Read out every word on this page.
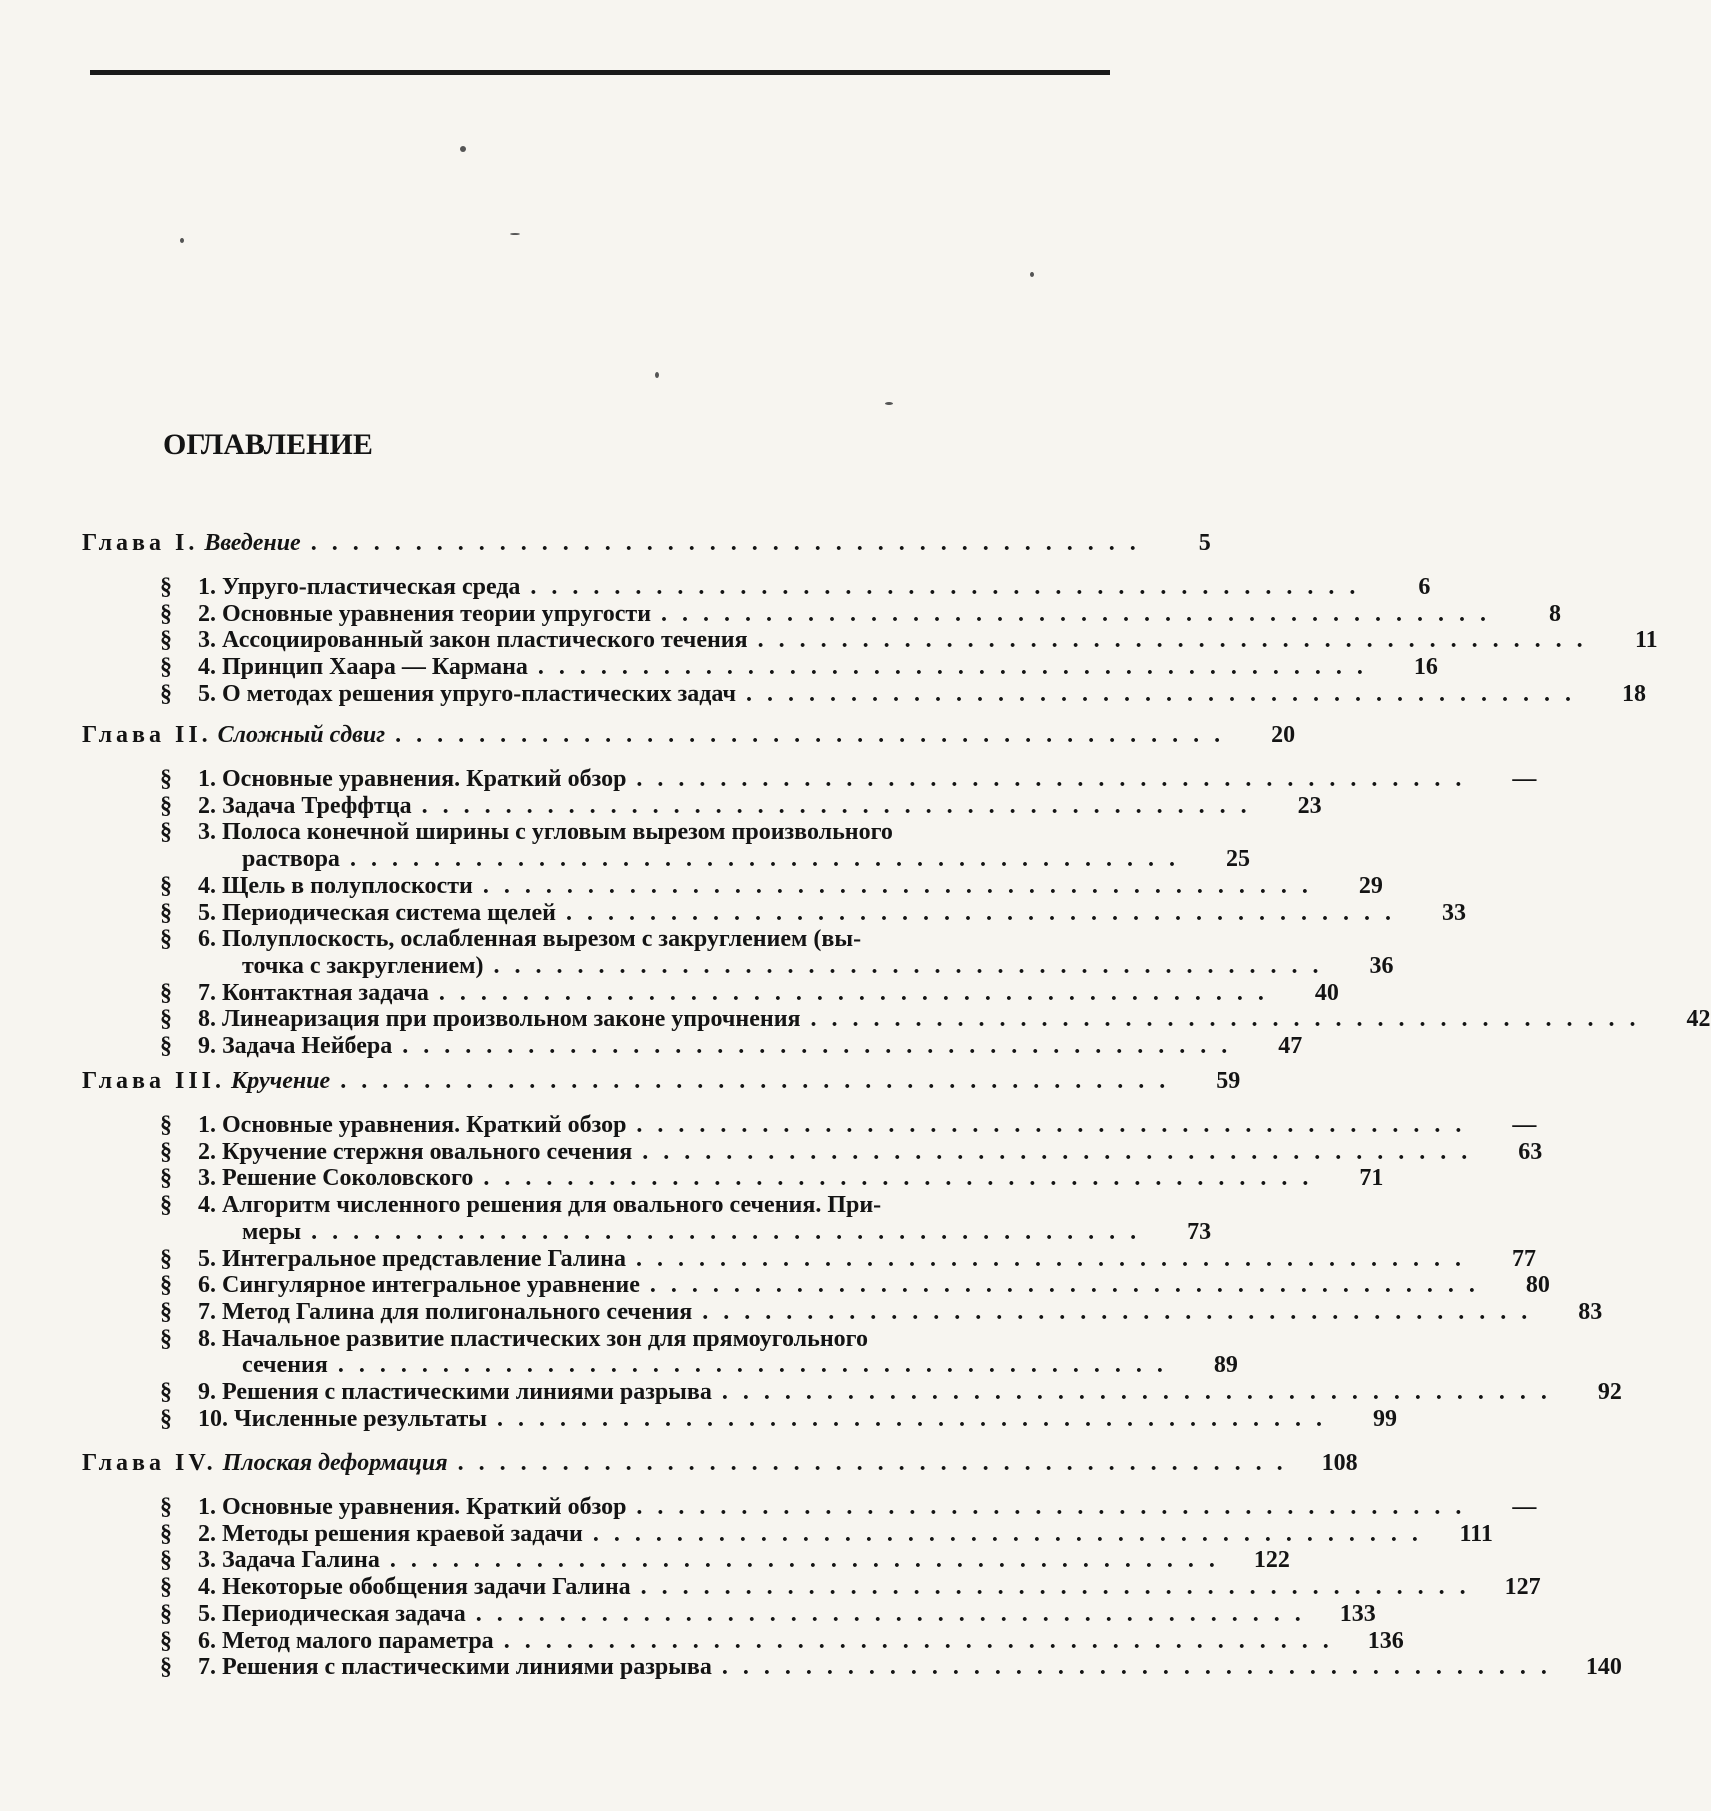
ОГЛАВЛЕНИЕ
Глава I. Введение ........................................	5
§	1. Упруго-пластическая среда ........................................	6
§	2. Основные уравнения теории упругости ........................................	8
§	3. Ассоциированный закон пластического течения ........................................	11
§	4. Принцип Хаара — Кармана ........................................	16
§	5. О методах решения упруго-пластических задач ........................................	18
Глава II. Сложный сдвиг ........................................	20
§	1. Основные уравнения. Краткий обзор ........................................	—
§	2. Задача Треффтца ........................................	23
§	3. Полоса конечной ширины с угловым вырезом произвольного
раствора ........................................	25
§	4. Щель в полуплоскости ........................................	29
§	5. Периодическая система щелей ........................................	33
§	6. Полуплоскость, ослабленная вырезом с закруглением (вы-
точка с закруглением) ........................................	36
§	7. Контактная задача ........................................	40
§	8. Линеаризация при произвольном законе упрочнения ........................................	42
§	9. Задача Нейбера ........................................	47
Глава III. Кручение ........................................	59
§	1. Основные уравнения. Краткий обзор ........................................	—
§	2. Кручение стержня овального сечения ........................................	63
§	3. Решение Соколовского ........................................	71
§	4. Алгоритм численного решения для овального сечения. При-
меры ........................................	73
§	5. Интегральное представление Галина ........................................	77
§	6. Сингулярное интегральное уравнение ........................................	80
§	7. Метод Галина для полигонального сечения ........................................	83
§	8. Начальное развитие пластических зон для прямоугольного
сечения ........................................	89
§	9. Решения с пластическими линиями разрыва ........................................	92
§	10. Численные результаты ........................................	99
Глава IV. Плоская деформация ........................................	108
§	1. Основные уравнения. Краткий обзор ........................................	—
§	2. Методы решения краевой задачи ........................................	111
§	3. Задача Галина ........................................	122
§	4. Некоторые обобщения задачи Галина ........................................	127
§	5. Периодическая задача ........................................	133
§	6. Метод малого параметра ........................................	136
§	7. Решения с пластическими линиями разрыва ........................................	140
